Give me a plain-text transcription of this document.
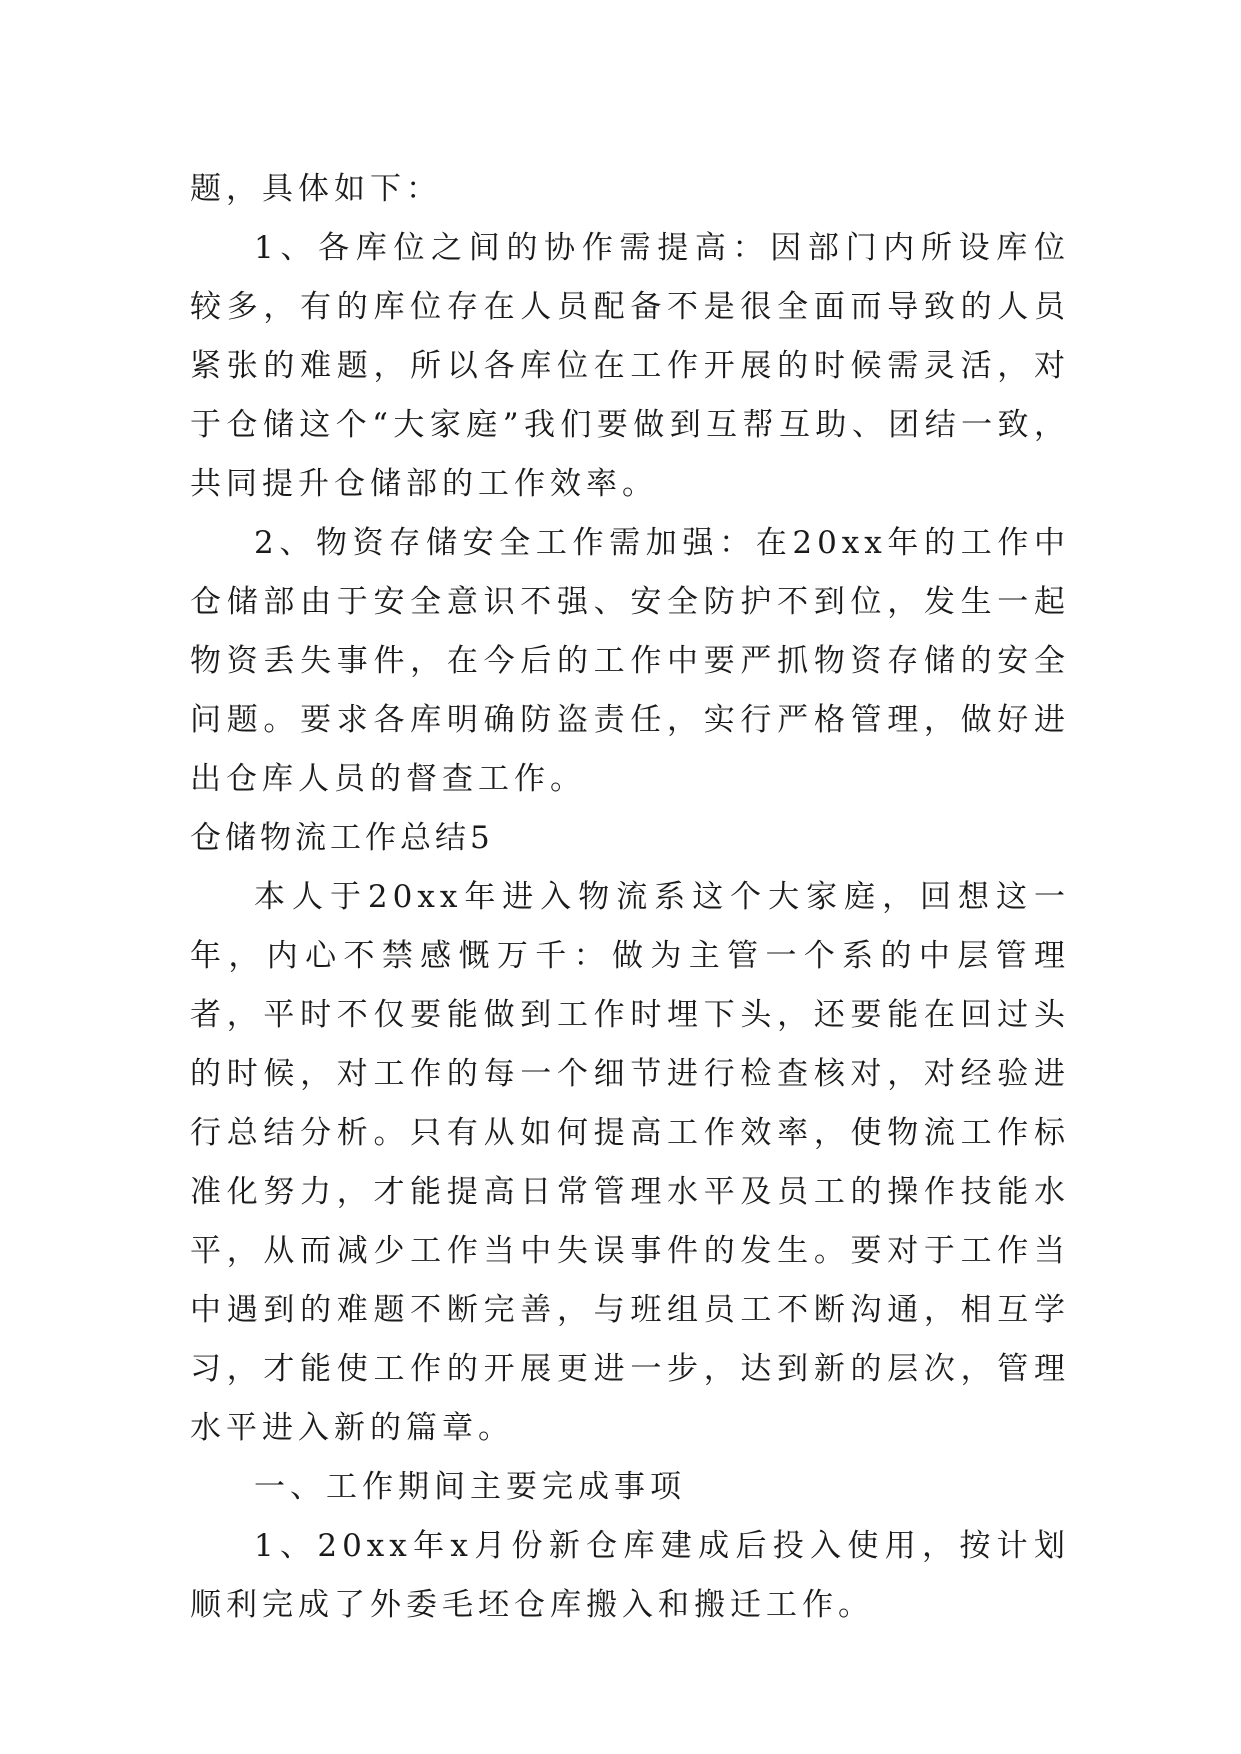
题，具体如下：

1、各库位之间的协作需提高：因部门内所设库位较多，有的库位存在人员配备不是很全面而导致的人员紧张的难题，所以各库位在工作开展的时候需灵活，对于仓储这个“大家庭”我们要做到互帮互助、团结一致，共同提升仓储部的工作效率。

2、物资存储安全工作需加强：在20xx年的工作中仓储部由于安全意识不强、安全防护不到位，发生一起物资丢失事件，在今后的工作中要严抓物资存储的安全问题。要求各库明确防盗责任，实行严格管理，做好进出仓库人员的督查工作。

仓储物流工作总结5

本人于20xx年进入物流系这个大家庭，回想这一年，内心不禁感慨万千：做为主管一个系的中层管理者，平时不仅要能做到工作时埋下头，还要能在回过头的时候，对工作的每一个细节进行检查核对，对经验进行总结分析。只有从如何提高工作效率，使物流工作标准化努力，才能提高日常管理水平及员工的操作技能水平，从而减少工作当中失误事件的发生。要对于工作当中遇到的难题不断完善，与班组员工不断沟通，相互学习，才能使工作的开展更进一步，达到新的层次，管理水平进入新的篇章。

一、工作期间主要完成事项

1、20xx年x月份新仓库建成后投入使用，按计划顺利完成了外委毛坯仓库搬入和搬迁工作。
